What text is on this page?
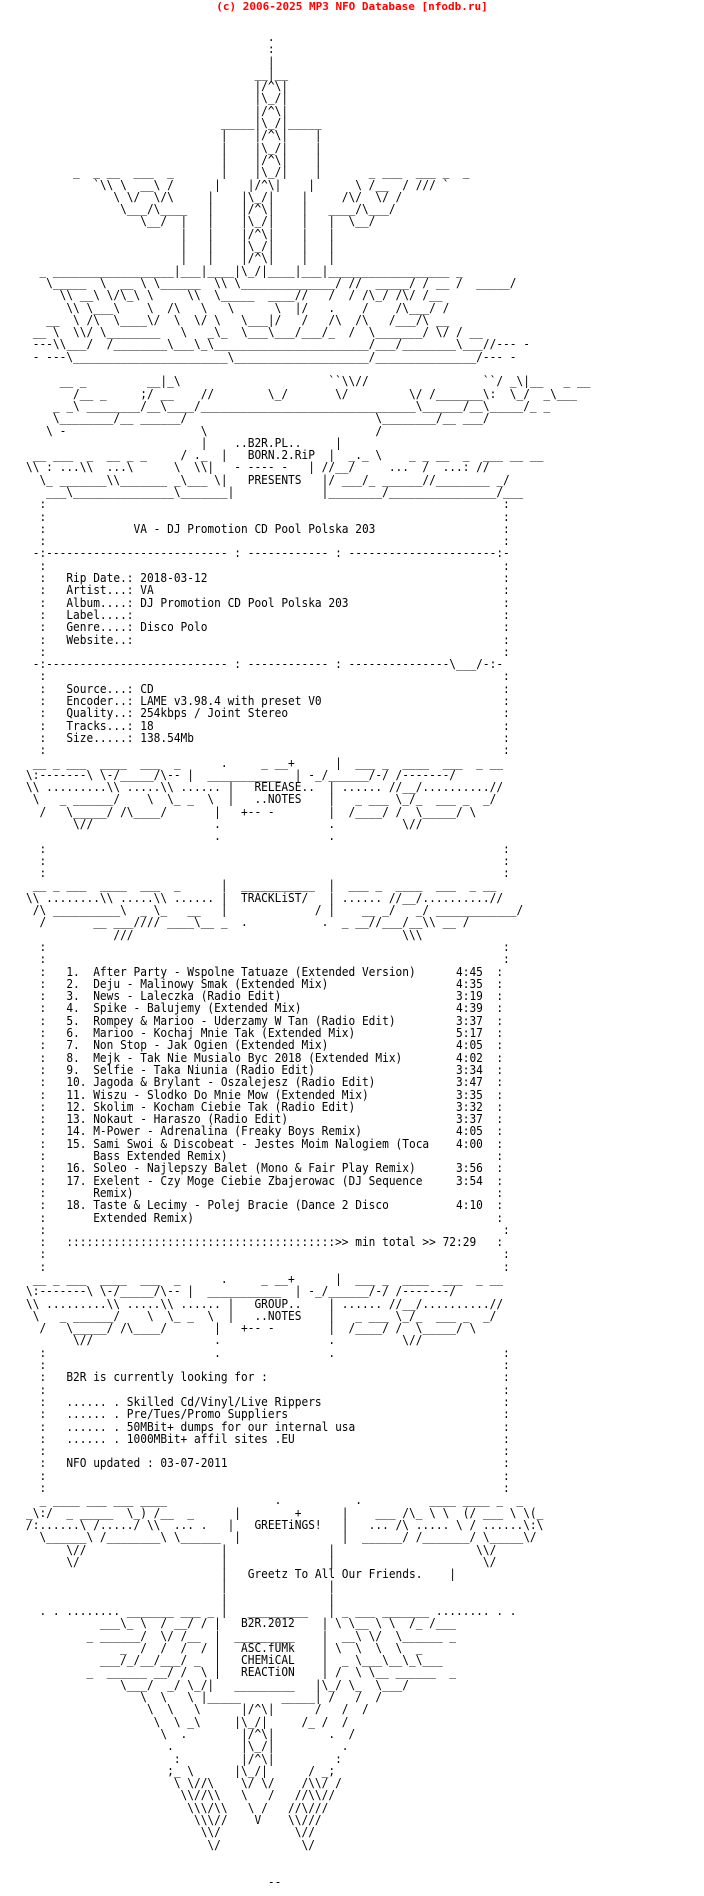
(c) 2006-2025 MP3 NFO Database [nfodb.ru]
.
:
|
__|__
|/^\|
|\_/|
|/^\|
_____|\_/|_____
|    |/^\|    |
|    |\_/|    |
|    |/^\|    |
_  _ __  ___  _       |    |\_/|    |       _ ___  ___ _  _
`\\ \  __\ /      |    |/^\|    |      \ /__  / /// `
\ \/  \/\     |    |\_/|    |     /\/  \/ /
\___/\____   |    |/^\|    |   ____/\___/
\__/  |   |    |\_/|    |   |  \__/
|   |    |/^\|    |   |
|   |    |\_/|    |   |
|   |    |/^\|    |   |
_ __________________|___|____|\_/|____|___|__________________ _
\_____  \  __ \ \______  \\ \______________/ //  _____/ / __ /  _____/
\\ __\ \/\_\ \     \\  \_____  ____//   /  / /\_/ /\/ /__
\\ \___\    \  /\   \   \      \  |/   .    /    /\___/ /
__  \ /\  \____\/  \  \/ \   \___|/   /   /\  /\   /___/\ __
__ \  \\/ \________   \   _\_  \___\___/___/_  /  \_______/ \/ / __
---\\___/  /________\___\_\_______________________/___/________\___//--- -
- ---\_______________________\____________________/_______________/--- -

__ _         __|_\                      ``\\//                 ``/ _\|__   _ __
/__ _     ;/ __    //        \_/       \/         \/ /_______\:  \_/  _\___
_ _\ ________/__\____/________________________________\______/__\_____/_ _
\________/__ ______/                            \________/__ ___/
\ -                    \                         /
|    ..B2R.PL..     |
__ ___  _  __ _ _     / ._  |   BORN.2.RiP  |  _._ \    _ _ __  _  ___ __ __
\\ : ...\\  ...\      \  \\|   - ---- -   | //__/     ...  /  ...: //
\_ _______\\_______ _\___ \|   PRESENTS   |/ ___/_ ______//________ _/
___\_______________\_______|             |________/________________/___
:                                                                    :
:                                                                    :
:             VA - DJ Promotion CD Pool Polska 203                   :
:                                                                    :
-:--------------------------- : ------------ : ----------------------:-
:                                                                    :
:   Rip Date.: 2018-03-12                                            :
:   Artist...: VA                                                    :
:   Album....: DJ Promotion CD Pool Polska 203                       :
:   Label....:                                                       :
:   Genre....: Disco Polo                                            :
:   Website..:                                                       :
:                                                                    :
-:--------------------------- : ------------ : ---------------\___/-:-
:                                                                    :
:   Source...: CD                                                    :
:   Encoder..: LAME v3.98.4 with preset V0                           :
:   Quality..: 254kbps / Joint Stereo                                :
:   Tracks...: 18                                                    :
:   Size.....: 138.54Mb                                              :
:                                                                    :
__ _ ___  ____  ___  _      .     _ __+      |  ___ _  ____  ___  _ __
\:-------\ \-/_____/\-- |  ___________  | -_/______/-/ /-------/
\\ .........\\ .....\\ ...... |   RELEASE..  | ...... //__/..........//
\   _ ______/    \  \_ _  \  |   ..NOTES    |   _ ___ \_/_  ___ _  _/
/   \_____/ /\____/       |   +-- -        |  /____/ /  \_____/ \
\//                  .                .          \//
.                .
:                                                                    :
:                                                                    :
:                                                                    :
__ _ ___  ____  ___  _      |  ___________  |  ___ _  ____  ___  _ __
\\ ........\\ .....\\ ...... |  TRACKLiST/   | ...... //__/..........//
/\ __________\  _ \_   __   |             / |    __ _/   _/ ____________/
/       __ ___//// ____\__ _  .           .  _ __//___/__\\ __ /
///                                        \\\
:                                                                    :
:                                                                    :
:   1.  After Party - Wspolne Tatuaze (Extended Version)      4:45  :
:   2.  Deju - Malinowy Smak (Extended Mix)                   4:35  :
:   3.  News - Laleczka (Radio Edit)                          3:19  :
:   4.  Spike - Balujemy (Extended Mix)                       4:39  :
:   5.  Rompey & Marioo - Uderzamy W Tan (Radio Edit)         3:37  :
:   6.  Marioo - Kochaj Mnie Tak (Extended Mix)               5:17  :
:   7.  Non Stop - Jak Ogien (Extended Mix)                   4:05  :
:   8.  Mejk - Tak Nie Musialo Byc 2018 (Extended Mix)        4:02  :
:   9.  Selfie - Taka Niunia (Radio Edit)                     3:34  :
:   10. Jagoda & Brylant - Oszalejesz (Radio Edit)            3:47  :
:   11. Wiszu - Slodko Do Mnie Mow (Extended Mix)             3:35  :
:   12. Skolim - Kocham Ciebie Tak (Radio Edit)               3:32  :
:   13. Nokaut - Haraszo (Radio Edit)                         3:37  :
:   14. M-Power - Adrenalina (Freaky Boys Remix)              4:05  :
:   15. Sami Swoi & Discobeat - Jestes Moim Nalogiem (Toca    4:00  :
:       Bass Extended Remix)                                        :
:   16. Soleo - Najlepszy Balet (Mono & Fair Play Remix)      3:56  :
:   17. Exelent - Czy Moge Ciebie Zbajerowac (DJ Sequence     3:54  :
:       Remix)                                                      :
:   18. Taste & Lecimy - Polej Bracie (Dance 2 Disco          4:10  :
:       Extended Remix)                                             :
:                                                                    :
:   ::::::::::::::::::::::::::::::::::::::::>> min total >> 72:29   :
:                                                                    :
:                                                                    :
__ _ ___  ____  ___  _      .     _ __+      |  ___ _  ____  ___  _ __
\:-------\ \-/_____/\-- |  ___________  | -_/______/-/ /-------/
\\ .........\\ .....\\ ...... |   GROUP..    | ...... //__/..........//
\   _ ______/    \  \_ _  \  |   ..NOTES    |   _ ___ \_/_  ___ _  _/
/   \_____/ /\____/       |   +-- -        |  /____/ /  \_____/ \
\//                  .                .          \//
:                         .                .                         :
:                                                                    :
:   B2R is currently looking for :                                   :
:                                                                    :
:   ...... . Skilled Cd/Vinyl/Live Rippers                           :
:   ...... . Pre/Tues/Promo Suppliers                                :
:   ...... . 50MBit+ dumps for our internal usa                      :
:   ...... . 1000MBit+ affil sites .EU                               :
:                                                                    :
:   NFO updated : 03-07-2011                                         :
:                                                                    :
:                                                                    :
_ ____ ___ ___ ____                .           .          ____ ____ _  _
_\:/  _ _____  \_) /__  _      |        +      |    ___ /\_ \ \  (/ ___ \ \(_
/:......\ /...../ \\  ... .   |   GREETiNGS!   |   ... /\ ..... \ / ......\:\
\______\ /________\ \______  |               |  ______/ /_______/ \_____\/
\//                    |               |                     \\/
\/                     |               |                      \/
|   Greetz To All Our Friends.    |
|               |
|               |
. . ........ _______ ___ _ |   _________   | _ ___ _______ ........ . .
___\_ \  / __/ / |   B2R.2012    | \ \__ \ \  /_ /___
_ ______/  \/ /__  |  _________    |  __\ \/  \______ _
_  /  /  /  / |   ASC.fUMk    | \  \  \  \  _
___/_/__/___/ _  |   CHEMiCAL    |  _ \___\__\_\___
_  ______ __/ /  \ |   REACTiON    | /  \ \__ ______  _
\___/  _/ \_/|   _________   |\_/ \_  \___/
\  \   \ |_____      _____| /   /  /
\  \   \      |/^\|      /   /  /
\  \ _\     |\_/|     /_ /  /
\  .        |/^\|        .  /
.          |\_/|          .
:         |/^\|         :
;_ \      |\_/|      / _;
\ \//\    \/ \/    /\\/ /
\\//\\   \   /   //\\//
\\\/\\   \ /   //\///
\\\//    V    \\///
\\/           \//
\/            \/

--
